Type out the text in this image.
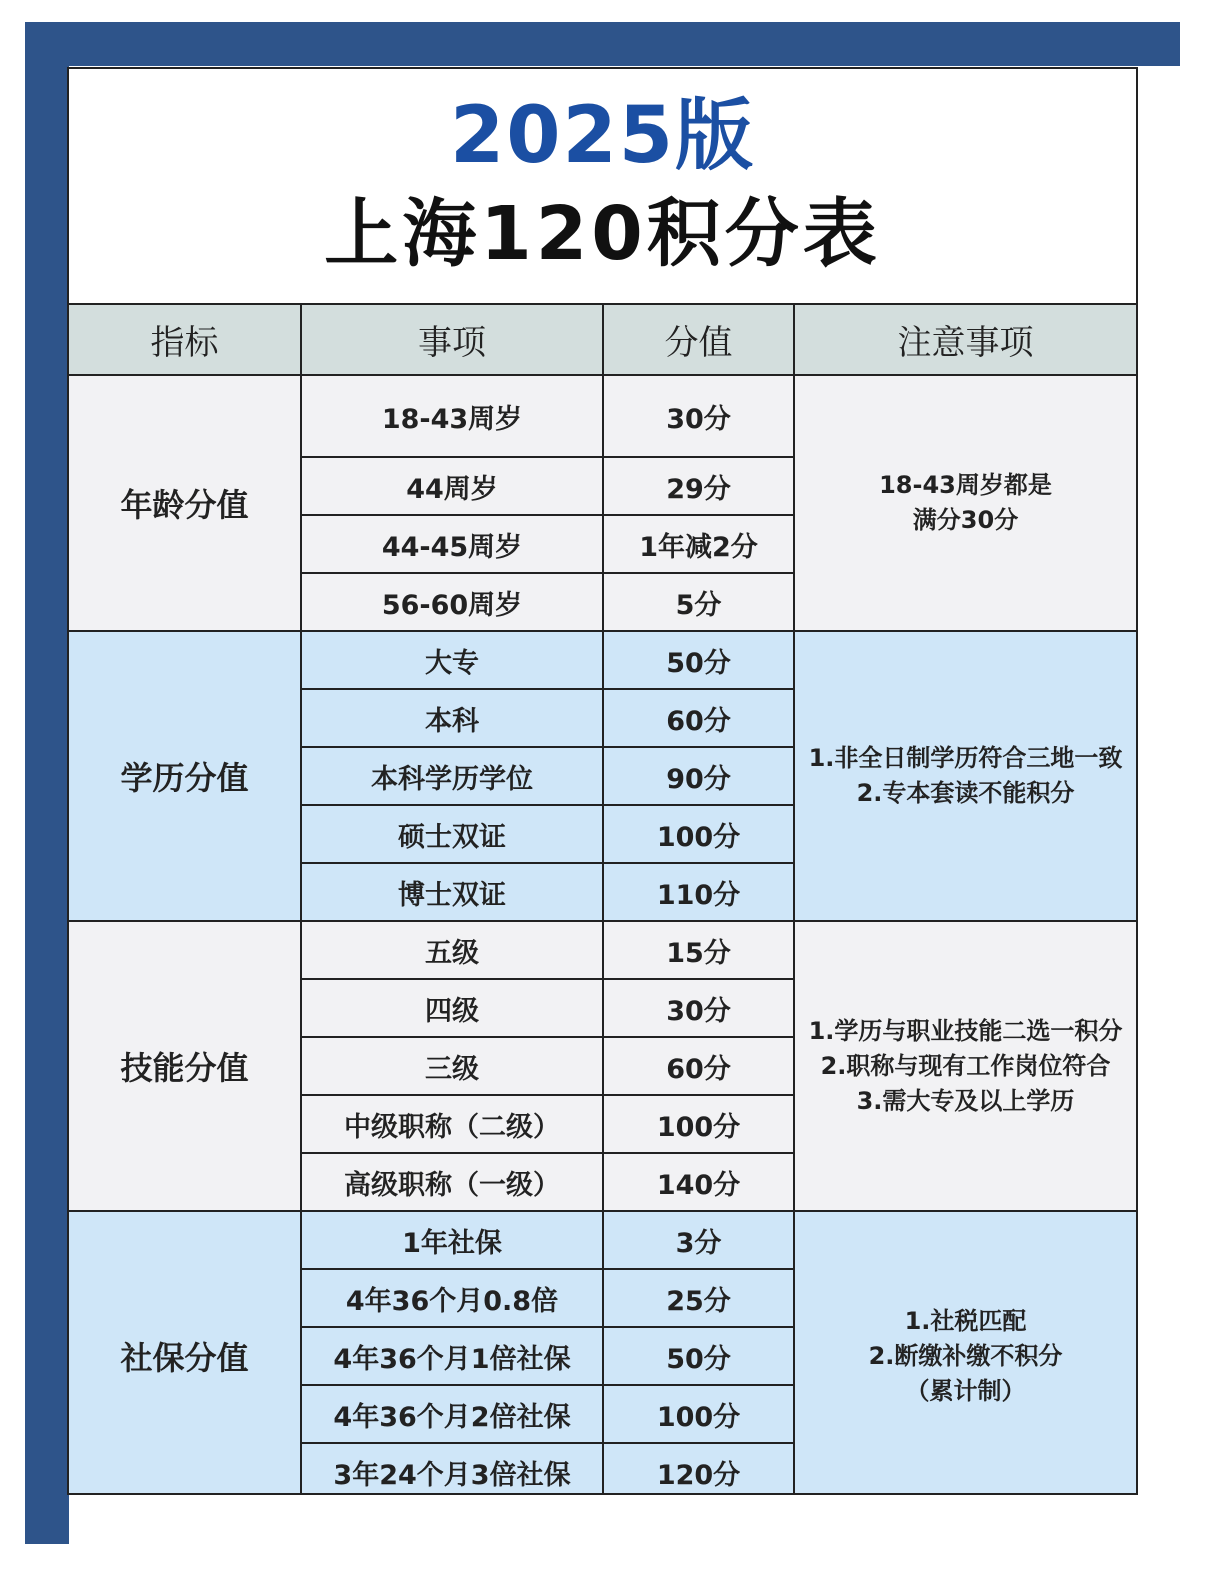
2025版
上海120积分表
指标	事项	分值	注意事项
年龄分值	18-43周岁	30分	18-43周岁都是
满分30分

	44周岁	29分	
	44-45周岁	1年减2分	
	56-60周岁	5分	
学历分值	大专	50分	1.非全日制学历符合三地一致
2.专本套读不能积分

	本科	60分	
	本科学历学位	90分	
	硕士双证	100分	
	博士双证	110分	
技能分值	五级	15分	1.学历与职业技能二选一积分
2.职称与现有工作岗位符合
3.需大专及以上学历

	四级	30分	
	三级	60分	
	中级职称（二级）	100分	
	高级职称（一级）	140分	
社保分值	1年社保	3分	1.社税匹配
2.断缴补缴不积分
（累计制）

	4年36个月0.8倍	25分	
	4年36个月1倍社保	50分	
	4年36个月2倍社保	100分	
	3年24个月3倍社保	120分	
